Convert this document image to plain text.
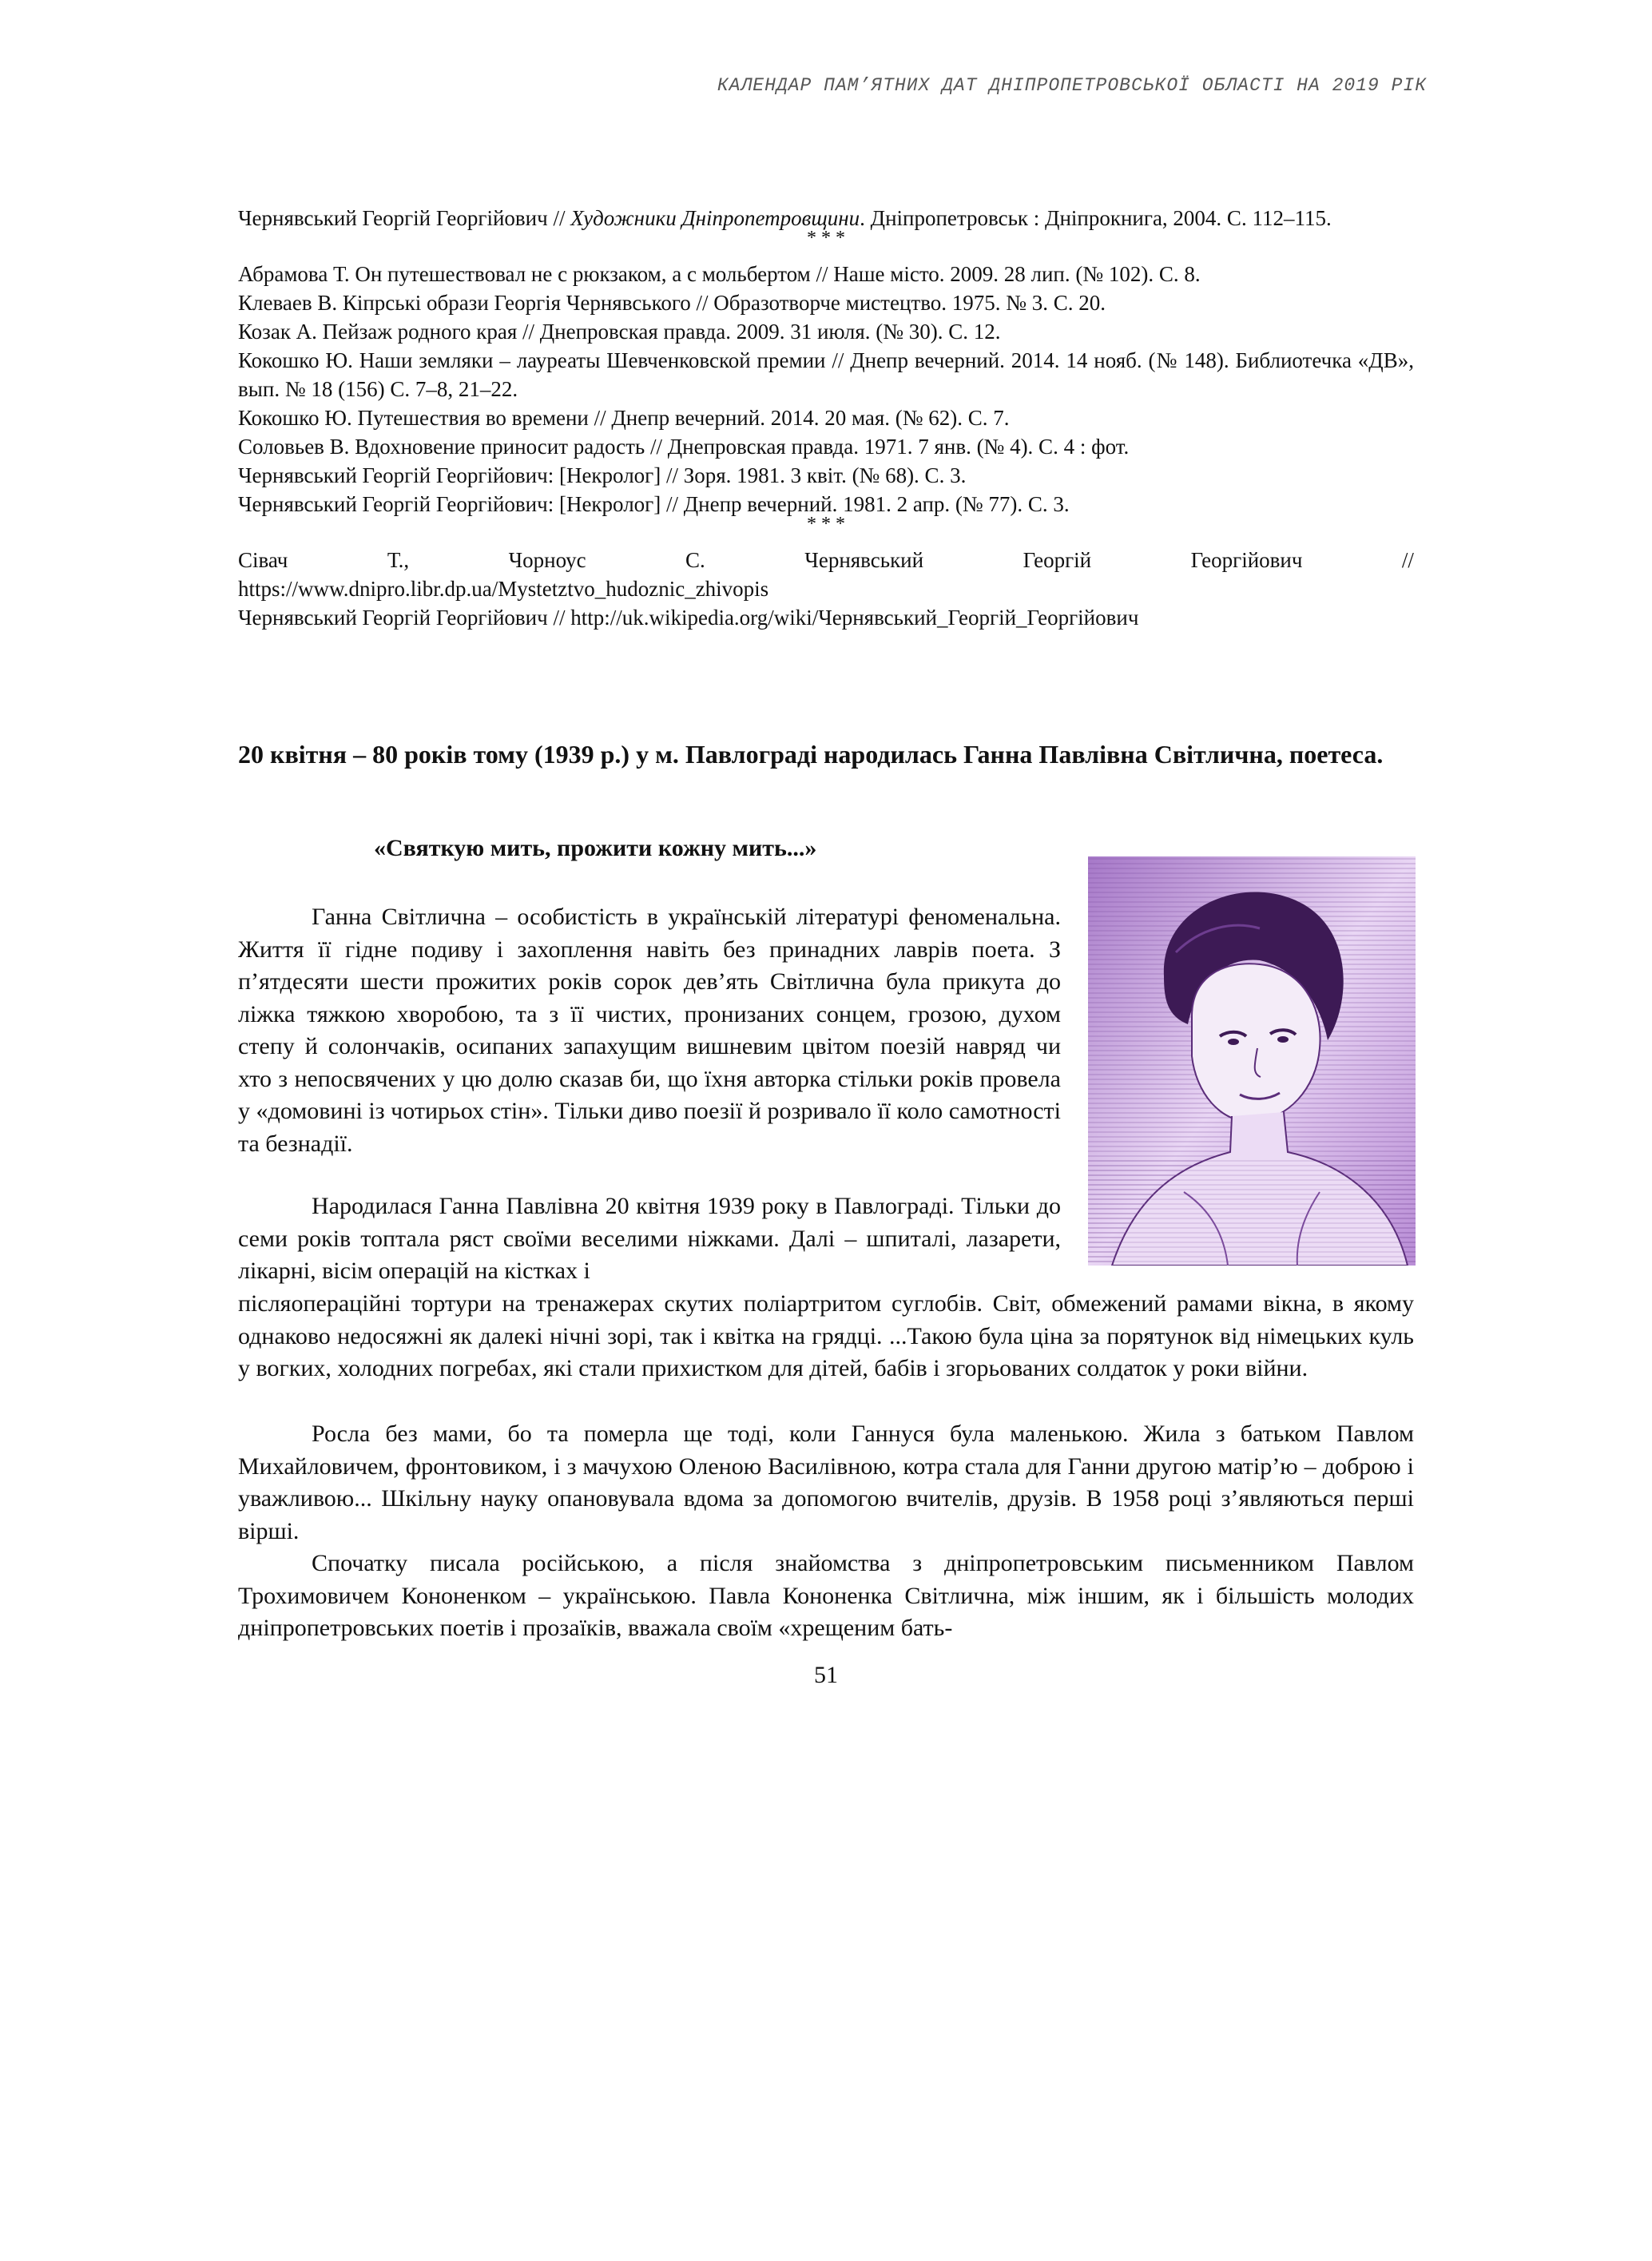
КАЛЕНДАР ПАМ’ЯТНИХ ДАТ ДНІПРОПЕТРОВСЬКОЇ ОБЛАСТІ НА 2019 РІК

Чернявський Георгій Георгійович // Художники Дніпропетровщини. Дніпропетровськ : Дніпрокнига, 2004. С. 112–115.

* * *

Абрамова Т. Он путешествовал не с рюкзаком, а с мольбертом // Наше місто. 2009. 28 лип. (№ 102). С. 8.

Клеваев В. Кіпрські образи Георгія Чернявського // Образотворче мистецтво. 1975. № 3. С. 20.

Козак А. Пейзаж родного края // Днепровская правда. 2009. 31 июля. (№ 30). С. 12.

Кокошко Ю. Наши земляки – лауреаты Шевченковской премии // Днепр вечерний. 2014. 14 нояб. (№ 148). Библиотечка «ДВ», вып. № 18 (156) С. 7–8, 21–22.

Кокошко Ю. Путешествия во времени // Днепр вечерний. 2014. 20 мая. (№ 62). С. 7.

Соловьев В. Вдохновение приносит радость // Днепровская правда. 1971. 7 янв. (№ 4). С. 4 : фот.

Чернявський Георгій Георгійович: [Некролог] // Зоря. 1981. 3 квіт. (№ 68). С. 3.

Чернявський Георгій Георгійович: [Некролог] // Днепр вечерний. 1981. 2 апр. (№ 77). С. 3.

* * *
Сівач	Т.,	Чорноус	С.	Чернявський	Георгій	Георгійович	//

https://www.dnipro.libr.dp.ua/Mystetztvo_hudoznic_zhivopis

Чернявський Георгій Георгійович // http://uk.wikipedia.org/wiki/Чернявський_Георгій_Георгійович

20 квітня – 80 років тому (1939 р.) у м. Павлограді народилась Ганна Павлівна Світлична, поетеса.

«Святкую мить, прожити кожну мить...»

Ганна Світлична – особистість в українській літературі феноменальна. Життя її гідне подиву і захоплення навіть без принадних лаврів поета. З п’ятдесяти шести прожитих років сорок дев’ять Світлична була прикута до ліжка тяжкою хворобою, та з її чистих, пронизаних сонцем, грозою, духом степу й солончаків, осипаних запахущим вишневим цвітом поезій навряд чи хто з непосвячених у цю долю сказав би, що їхня авторка стільки років провела у «домовині із чотирьох стін». Тільки диво поезії й розривало її коло самотності та безнадії.

Народилася Ганна Павлівна 20 квітня 1939 року в Павлограді. Тільки до семи років топтала ряст своїми веселими ніжками. Далі – шпиталі, лазарети, лікарні, вісім операцій на кістках і

післяопераційні тортури на тренажерах скутих поліартритом суглобів. Світ, обмежений рамами вікна, в якому однаково недосяжні як далекі нічні зорі, так і квітка на грядці. ...Такою була ціна за порятунок від німецьких куль у вогких, холодних погребах, які стали прихистком для дітей, бабів і згорьованих солдаток у роки війни.

Росла без мами, бо та померла ще тоді, коли Ганнуся була маленькою. Жила з батьком Павлом Михайловичем, фронтовиком, і з мачухою Оленою Василівною, котра стала для Ганни другою матір’ю – доброю і уважливою... Шкільну науку опановувала вдома за допомогою вчителів, друзів. В 1958 році з’являються перші вірші.

Спочатку писала російською, а після знайомства з дніпропетровським письменником Павлом Трохимовичем Кононенком – українською. Павла Кононенка Світлична, між іншим, як і більшість молодих дніпропетровських поетів і прозаїків, вважала своїм «хрещеним бать-

51
